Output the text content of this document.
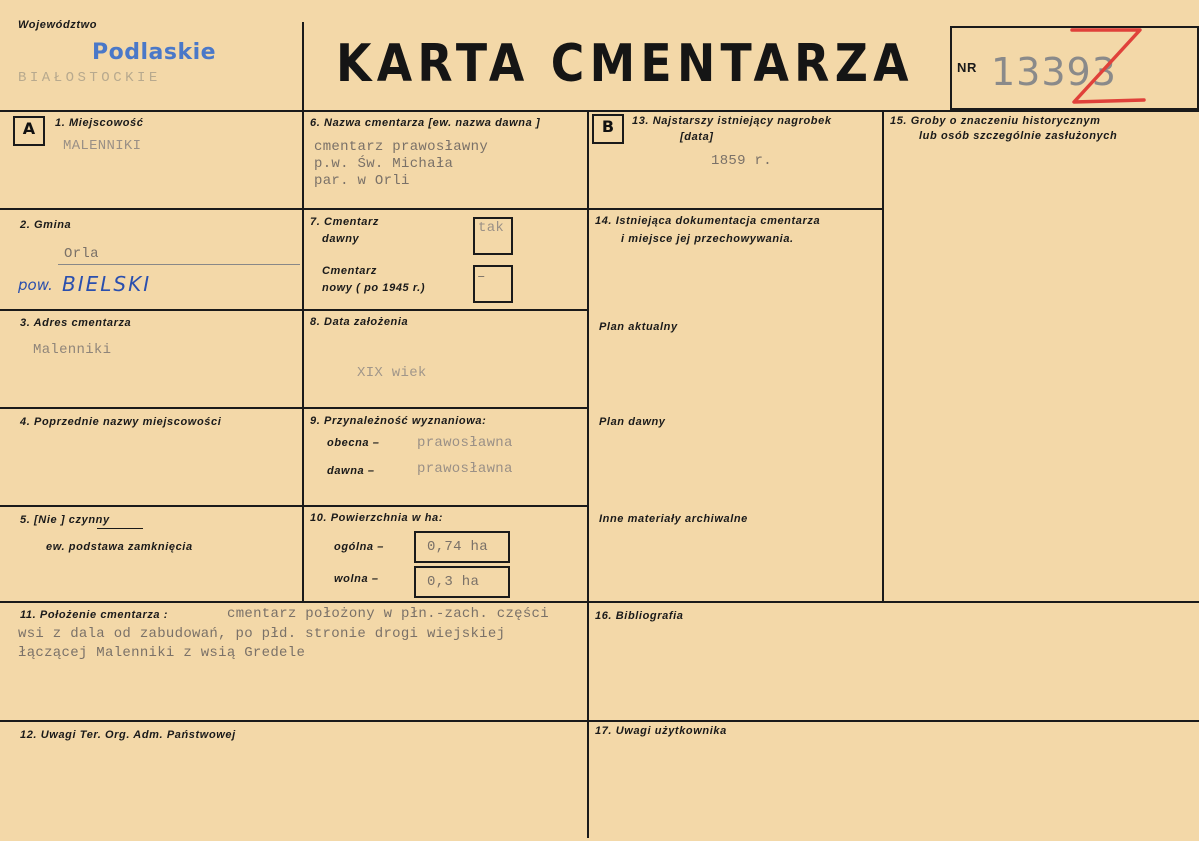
Województwo
Podlaskie
BIAŁOSTOCKIE	KARTA CMENTARZA	NR 13393
A	B
1. Miejscowość
MALENNIKI
2. Gmina
Orla
pow. BIELSKI
3. Adres cmentarza
Malenniki
4. Poprzednie nazwy miejscowości
5. [Nie ] czynny
ew. podstawa zamknięcia
6. Nazwa cmentarza [ew. nazwa dawna ]
cmentarz prawosławny
p.w. Św. Michała
par. w Orli
7. Cmentarz
dawny
tak
Cmentarz
nowy ( po 1945 r.)
–
8. Data założenia
XIX wiek
9. Przynależność wyznaniowa:
obecna –	prawosławna
dawna –	prawosławna
10. Powierzchnia w ha:
ogólna –	0,74 ha
wolna –	0,3 ha
11. Położenie cmentarza :	cmentarz położony w płn.-zach. części
wsi z dala od zabudowań, po płd. stronie drogi wiejskiej
łączącej Malenniki z wsią Gredele
12. Uwagi Ter. Org. Adm. Państwowej
13. Najstarszy istniejący nagrobek
[data]
1859 r.
14. Istniejąca dokumentacja cmentarza
i miejsce jej przechowywania.
Plan aktualny
Plan dawny
Inne materiały archiwalne
15. Groby o znaczeniu historycznym
lub osób szczególnie zasłużonych
16. Bibliografia
17. Uwagi użytkownika
